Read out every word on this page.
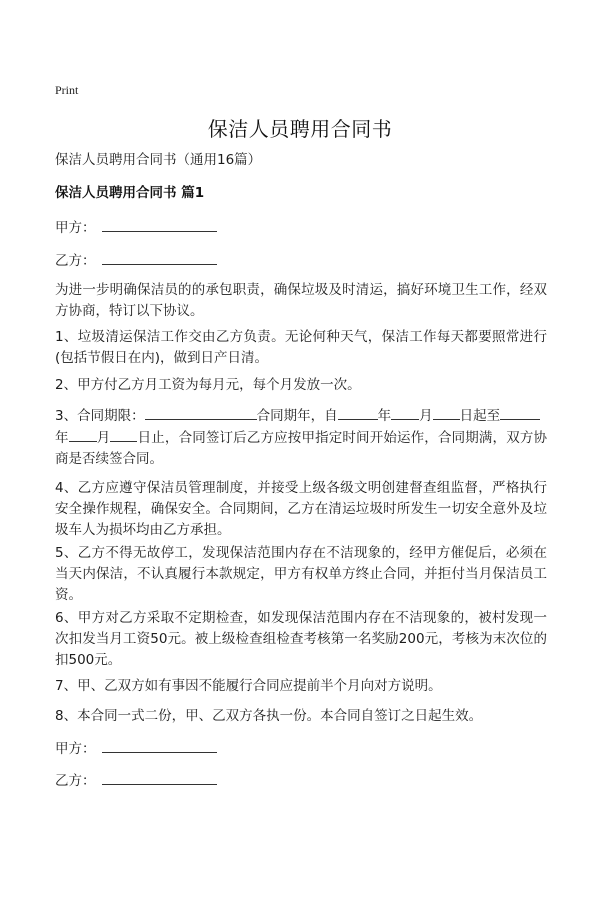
Print
保洁人员聘用合同书
保洁人员聘用合同书（通用16篇）
保洁人员聘用合同书 篇1
甲方：
乙方：
为进一步明确保洁员的的承包职责，确保垃圾及时清运，搞好环境卫生工作，经双方协商，特订以下协议。
1、垃圾清运保洁工作交由乙方负责。无论何种天气，保洁工作每天都要照常进行(包括节假日在内)，做到日产日清。
2、甲方付乙方月工资为每月元，每个月发放一次。
3、合同期限：	合同期年，自	年 月 日起至
年 月 日止，合同签订后乙方应按甲指定时间开始运作，合同期满，双方协商是否续签合同。
4、乙方应遵守保洁员管理制度，并接受上级各级文明创建督查组监督，严格执行安全操作规程，确保安全。合同期间，乙方在清运垃圾时所发生一切安全意外及垃圾车人为损坏均由乙方承担。
5、乙方不得无故停工，发现保洁范围内存在不洁现象的，经甲方催促后，必须在当天内保洁，不认真履行本款规定，甲方有权单方终止合同，并拒付当月保洁员工资。
6、甲方对乙方采取不定期检查，如发现保洁范围内存在不洁现象的，被村发现一次扣发当月工资50元。被上级检查组检查考核第一名奖励200元，考核为末次位的扣500元。
7、甲、乙双方如有事因不能履行合同应提前半个月向对方说明。
8、本合同一式二份，甲、乙双方各执一份。本合同自签订之日起生效。
甲方：
乙方：
